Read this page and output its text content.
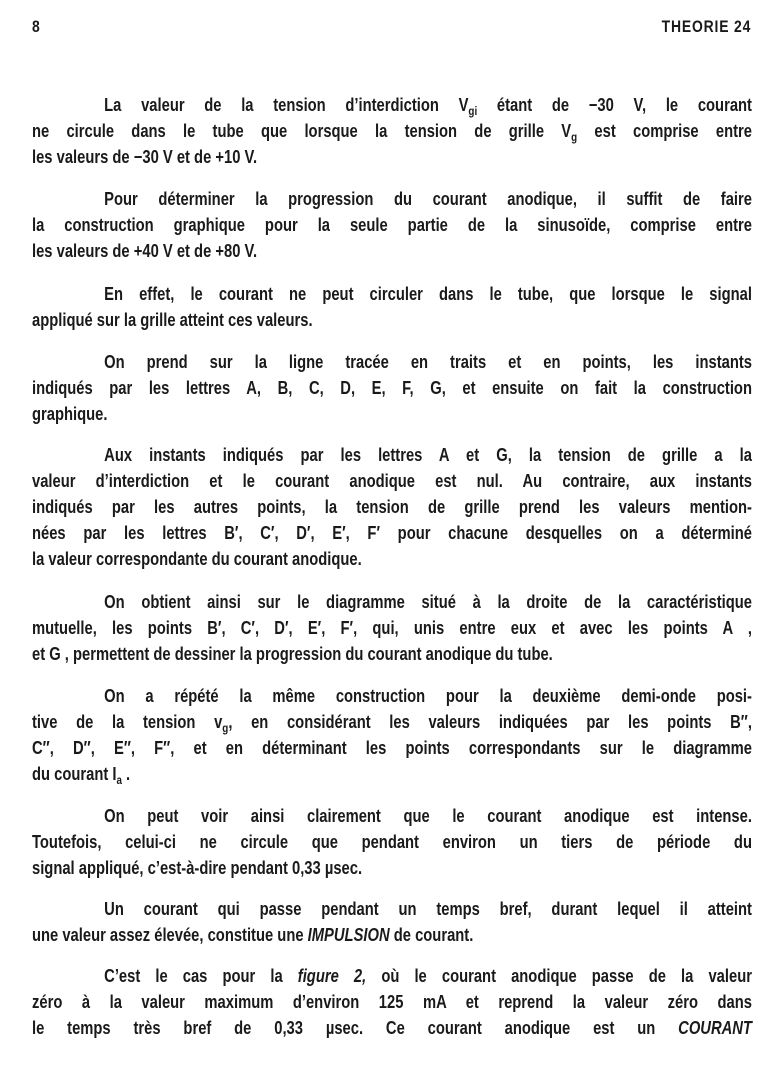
8	THEORIE 24
La valeur de la tension d’interdiction $V_{gi}$ étant de −30 V, le courant
ne circule dans le tube que lorsque la tension de grille $V_g$ est comprise entre
les valeurs de −30 V et de +10 V.
Pour déterminer la progression du courant anodique, il suffit de faire
la construction graphique pour la seule partie de la sinusoïde, comprise entre
les valeurs de +40 V et de +80 V.
En effet, le courant ne peut circuler dans le tube, que lorsque le signal
appliqué sur la grille atteint ces valeurs.
On prend sur la ligne tracée en traits et en points, les instants
indiqués par les lettres A, B, C, D, E, F, G, et ensuite on fait la construction
graphique.
Aux instants indiqués par les lettres A et G, la tension de grille a la
valeur d’interdiction et le courant anodique est nul. Au contraire, aux instants
indiqués par les autres points, la tension de grille prend les valeurs mention-
nées par les lettres B′, C′, D′, E′, F′ pour chacune desquelles on a déterminé
la valeur correspondante du courant anodique.
On obtient ainsi sur le diagramme situé à la droite de la caractéristique
mutuelle, les points B′, C′, D′, E′, F′, qui, unis entre eux et avec les points A ,
et G , permettent de dessiner la progression du courant anodique du tube.
On a répété la même construction pour la deuxième demi-onde posi-
tive de la tension $v_g$, en considérant les valeurs indiquées par les points B″,
C″, D″, E″, F″, et en déterminant les points correspondants sur le diagramme
du courant $I_a$ .
On peut voir ainsi clairement que le courant anodique est intense.
Toutefois, celui-ci ne circule que pendant environ un tiers de période du
signal appliqué, c’est-à-dire pendant 0,33 µsec.
Un courant qui passe pendant un temps bref, durant lequel il atteint
une valeur assez élevée, constitue une IMPULSION de courant.
C’est le cas pour la figure 2, où le courant anodique passe de la valeur
zéro à la valeur maximum d’environ 125 mA et reprend la valeur zéro dans
le temps très bref de 0,33 µsec. Ce courant anodique est un COURANT
